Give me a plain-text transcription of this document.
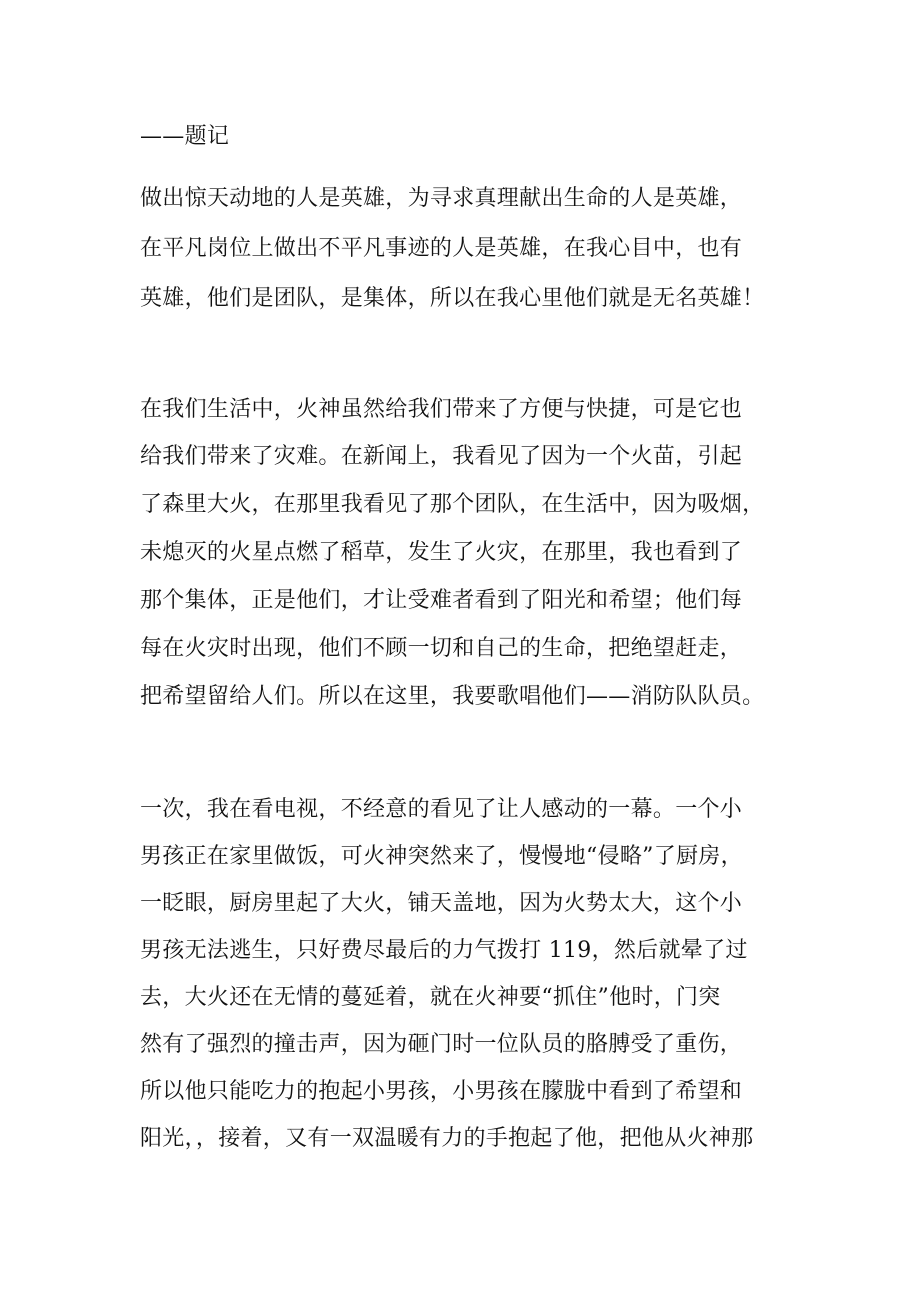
——题记
做出惊天动地的人是英雄，为寻求真理献出生命的人是英雄，
在平凡岗位上做出不平凡事迹的人是英雄，在我心目中，也有
英雄，他们是团队，是集体，所以在我心里他们就是无名英雄！
在我们生活中，火神虽然给我们带来了方便与快捷，可是它也
给我们带来了灾难。在新闻上，我看见了因为一个火苗，引起
了森里大火，在那里我看见了那个团队，在生活中，因为吸烟，
未熄灭的火星点燃了稻草，发生了火灾，在那里，我也看到了
那个集体，正是他们，才让受难者看到了阳光和希望；他们每
每在火灾时出现，他们不顾一切和自己的生命，把绝望赶走，
把希望留给人们。所以在这里，我要歌唱他们——消防队队员。
一次，我在看电视，不经意的看见了让人感动的一幕。一个小
男孩正在家里做饭，可火神突然来了，慢慢地“侵略”了厨房，
一眨眼，厨房里起了大火，铺天盖地，因为火势太大，这个小
男孩无法逃生，只好费尽最后的力气拨打 119，然后就晕了过
去，大火还在无情的蔓延着，就在火神要“抓住”他时，门突
然有了强烈的撞击声，因为砸门时一位队员的胳膊受了重伤，
所以他只能吃力的抱起小男孩，小男孩在朦胧中看到了希望和
阳光，，接着，又有一双温暖有力的手抱起了他，把他从火神那
